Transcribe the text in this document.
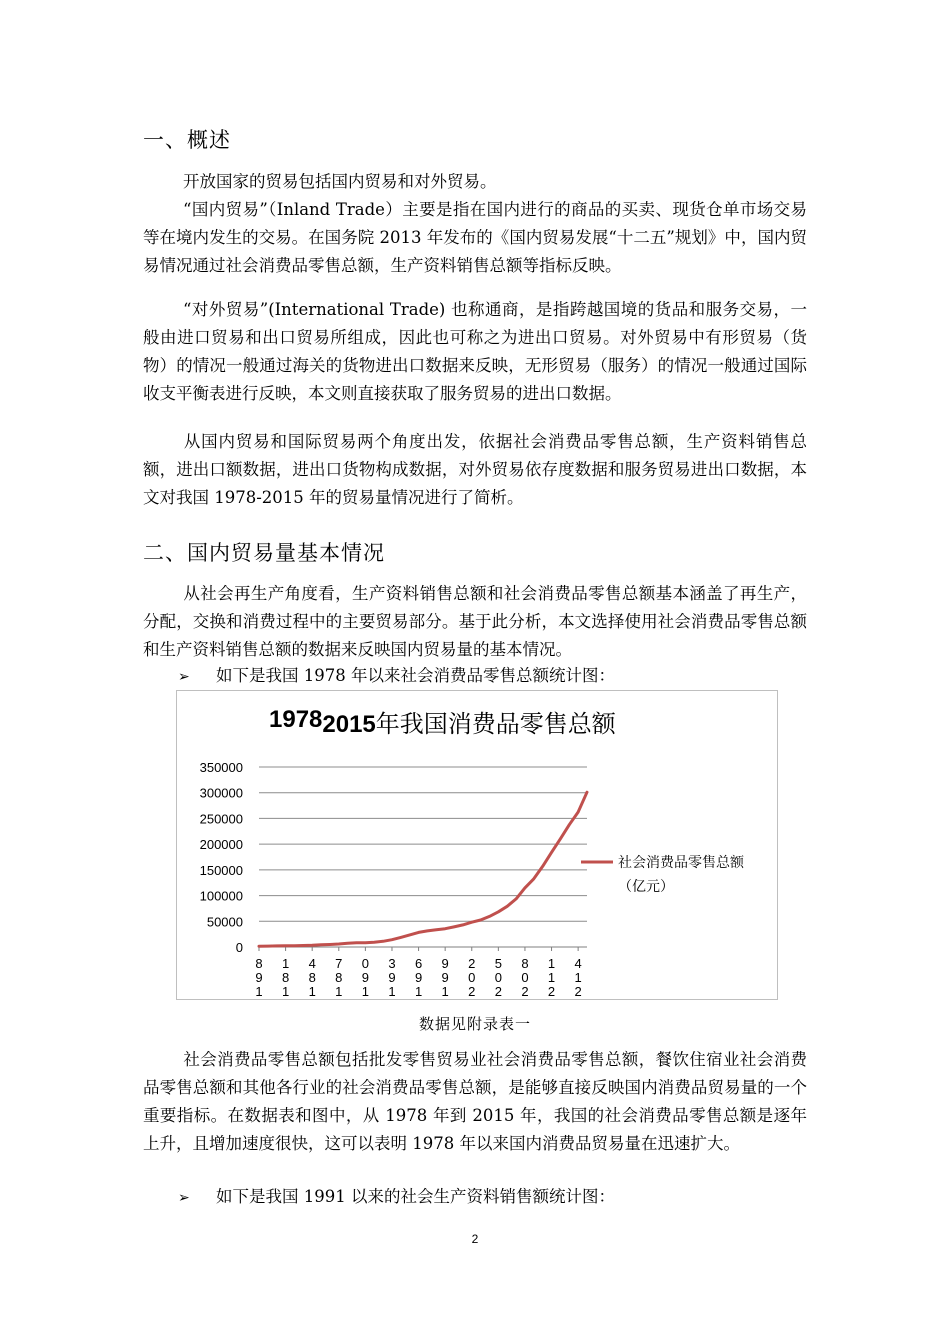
一、概述
开放国家的贸易包括国内贸易和对外贸易。
“国内贸易”（Inland Trade）主要是指在国内进行的商品的买卖、现货仓单市场交易等在境内发生的交易。在国务院 2013 年发布的《国内贸易发展“十二五”规划》中，国内贸易情况通过社会消费品零售总额，生产资料销售总额等指标反映。
“对外贸易”(International Trade) 也称通商，是指跨越国境的货品和服务交易，一般由进口贸易和出口贸易所组成，因此也可称之为进出口贸易。对外贸易中有形贸易（货物）的情况一般通过海关的货物进出口数据来反映，无形贸易（服务）的情况一般通过国际收支平衡表进行反映，本文则直接获取了服务贸易的进出口数据。
从国内贸易和国际贸易两个角度出发，依据社会消费品零售总额，生产资料销售总额，进出口额数据，进出口货物构成数据，对外贸易依存度数据和服务贸易进出口数据，本文对我国 1978-2015 年的贸易量情况进行了简析。
二、国内贸易量基本情况
从社会再生产角度看，生产资料销售总额和社会消费品零售总额基本涵盖了再生产，分配，交换和消费过程中的主要贸易部分。基于此分析，本文选择使用社会消费品零售总额和生产资料销售总额的数据来反映国内贸易量的基本情况。
➢ 如下是我国 1978 年以来社会消费品零售总额统计图：
19782015年我国消费品零售总额
350000
300000
250000
200000
150000
100000
50000
0
8 9 1
1 8 1
4 8 1
7 8 1
0 9 1
3 9 1
6 9 1
9 9 1
2 0 2
5 0 2
8 0 2
1 1 2
4 1 2
社会消费品零售总额
（亿元）
数据见附录表一
社会消费品零售总额包括批发零售贸易业社会消费品零售总额，餐饮住宿业社会消费品零售总额和其他各行业的社会消费品零售总额，是能够直接反映国内消费品贸易量的一个重要指标。在数据表和图中，从 1978 年到 2015 年，我国的社会消费品零售总额是逐年上升，且增加速度很快，这可以表明 1978 年以来国内消费品贸易量在迅速扩大。
➢ 如下是我国 1991 以来的社会生产资料销售额统计图：
2
